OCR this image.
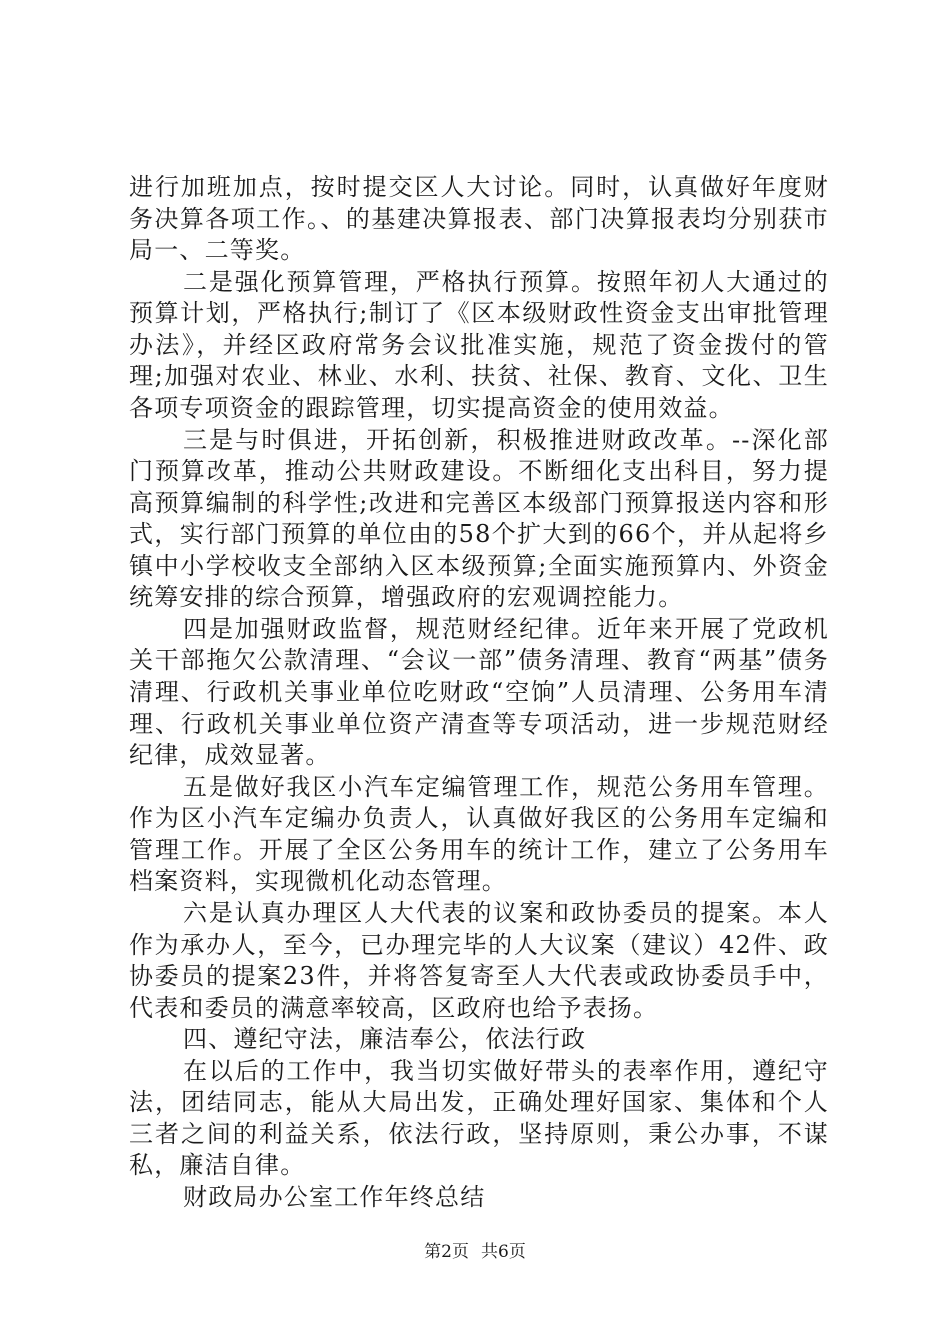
进行加班加点，按时提交区人大讨论。同时，认真做好年度财务决算各项工作。、的基建决算报表、部门决算报表均分别获市局一、二等奖。

二是强化预算管理，严格执行预算。按照年初人大通过的预算计划，严格执行;制订了《区本级财政性资金支出审批管理办法》，并经区政府常务会议批准实施，规范了资金拨付的管理;加强对农业、林业、水利、扶贫、社保、教育、文化、卫生各项专项资金的跟踪管理，切实提高资金的使用效益。

三是与时俱进，开拓创新，积极推进财政改革。--深化部门预算改革，推动公共财政建设。不断细化支出科目，努力提高预算编制的科学性;改进和完善区本级部门预算报送内容和形式，实行部门预算的单位由的58个扩大到的66个，并从起将乡镇中小学校收支全部纳入区本级预算;全面实施预算内、外资金统筹安排的综合预算，增强政府的宏观调控能力。

四是加强财政监督，规范财经纪律。近年来开展了党政机关干部拖欠公款清理、“会议一部”债务清理、教育“两基”债务清理、行政机关事业单位吃财政“空饷”人员清理、公务用车清理、行政机关事业单位资产清查等专项活动，进一步规范财经纪律，成效显著。

五是做好我区小汽车定编管理工作，规范公务用车管理。作为区小汽车定编办负责人，认真做好我区的公务用车定编和管理工作。开展了全区公务用车的统计工作，建立了公务用车档案资料，实现微机化动态管理。

六是认真办理区人大代表的议案和政协委员的提案。本人作为承办人，至今，已办理完毕的人大议案（建议）42件、政协委员的提案23件，并将答复寄至人大代表或政协委员手中，代表和委员的满意率较高，区政府也给予表扬。

四、遵纪守法，廉洁奉公，依法行政

在以后的工作中，我当切实做好带头的表率作用，遵纪守法，团结同志，能从大局出发，正确处理好国家、集体和个人三者之间的利益关系，依法行政，坚持原则，秉公办事，不谋私，廉洁自律。

财政局办公室工作年终总结

第2页 共6页
